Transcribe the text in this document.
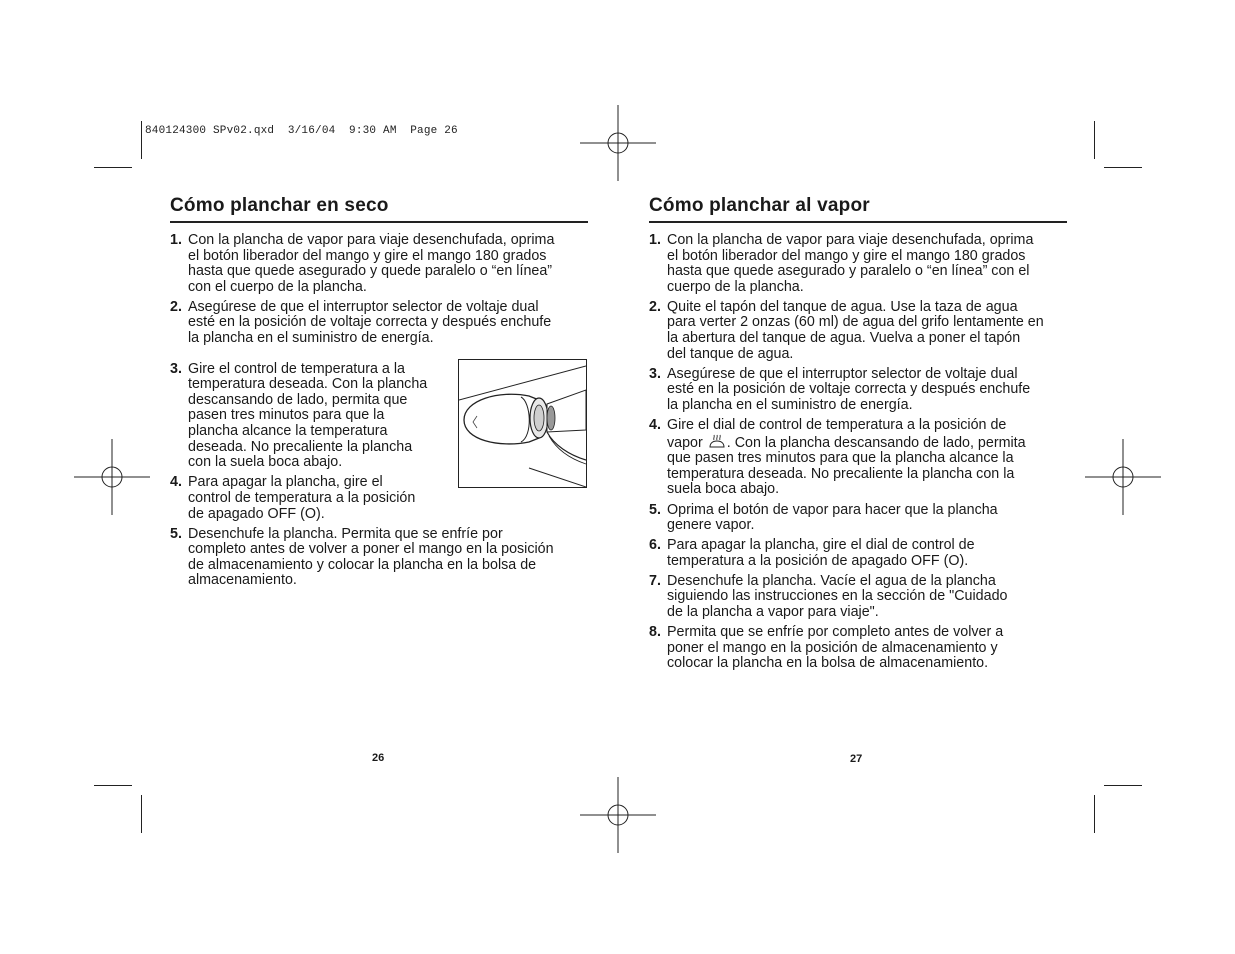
840124300 SPv02.qxd  3/16/04  9:30 AM  Page 26
Cómo planchar en seco
1. Con la plancha de vapor para viaje desenchufada, oprima
el botón liberador del mango y gire el mango 180 grados
hasta que quede asegurado y quede paralelo o “en línea”
con el cuerpo de la plancha.
2. Asegúrese de que el interruptor selector de voltaje dual
esté en la posición de voltaje correcta y después enchufe
la plancha en el suministro de energía.
3. Gire el control de temperatura a la
temperatura deseada. Con la plancha
descansando de lado, permita que
pasen tres minutos para que la
plancha alcance la temperatura
deseada. No precaliente la plancha
con la suela boca abajo.
4. Para apagar la plancha, gire el
control de temperatura a la posición
de apagado OFF (O).
5. Desenchufe la plancha. Permita que se enfríe por
completo antes de volver a poner el mango en la posición
de almacenamiento y colocar la plancha en la bolsa de
almacenamiento.
26
Cómo planchar al vapor
1. Con la plancha de vapor para viaje desenchufada, oprima
el botón liberador del mango y gire el mango 180 grados
hasta que quede asegurado y paralelo o “en línea” con el
cuerpo de la plancha.
2. Quite el tapón del tanque de agua. Use la taza de agua
para verter 2 onzas (60 ml) de agua del grifo lentamente en
la abertura del tanque de agua. Vuelva a poner el tapón
del tanque de agua.
3. Asegúrese de que el interruptor selector de voltaje dual
esté en la posición de voltaje correcta y después enchufe
la plancha en el suministro de energía.
4. Gire el dial de control de temperatura a la posición de
vapor . Con la plancha descansando de lado, permita
que pasen tres minutos para que la plancha alcance la
temperatura deseada. No precaliente la plancha con la
suela boca abajo.
5. Oprima el botón de vapor para hacer que la plancha
genere vapor.
6. Para apagar la plancha, gire el dial de control de
temperatura a la posición de apagado OFF (O).
7. Desenchufe la plancha. Vacíe el agua de la plancha
siguiendo las instrucciones en la sección de "Cuidado
de la plancha a vapor para viaje".
8. Permita que se enfríe por completo antes de volver a
poner el mango en la posición de almacenamiento y
colocar la plancha en la bolsa de almacenamiento.
27
